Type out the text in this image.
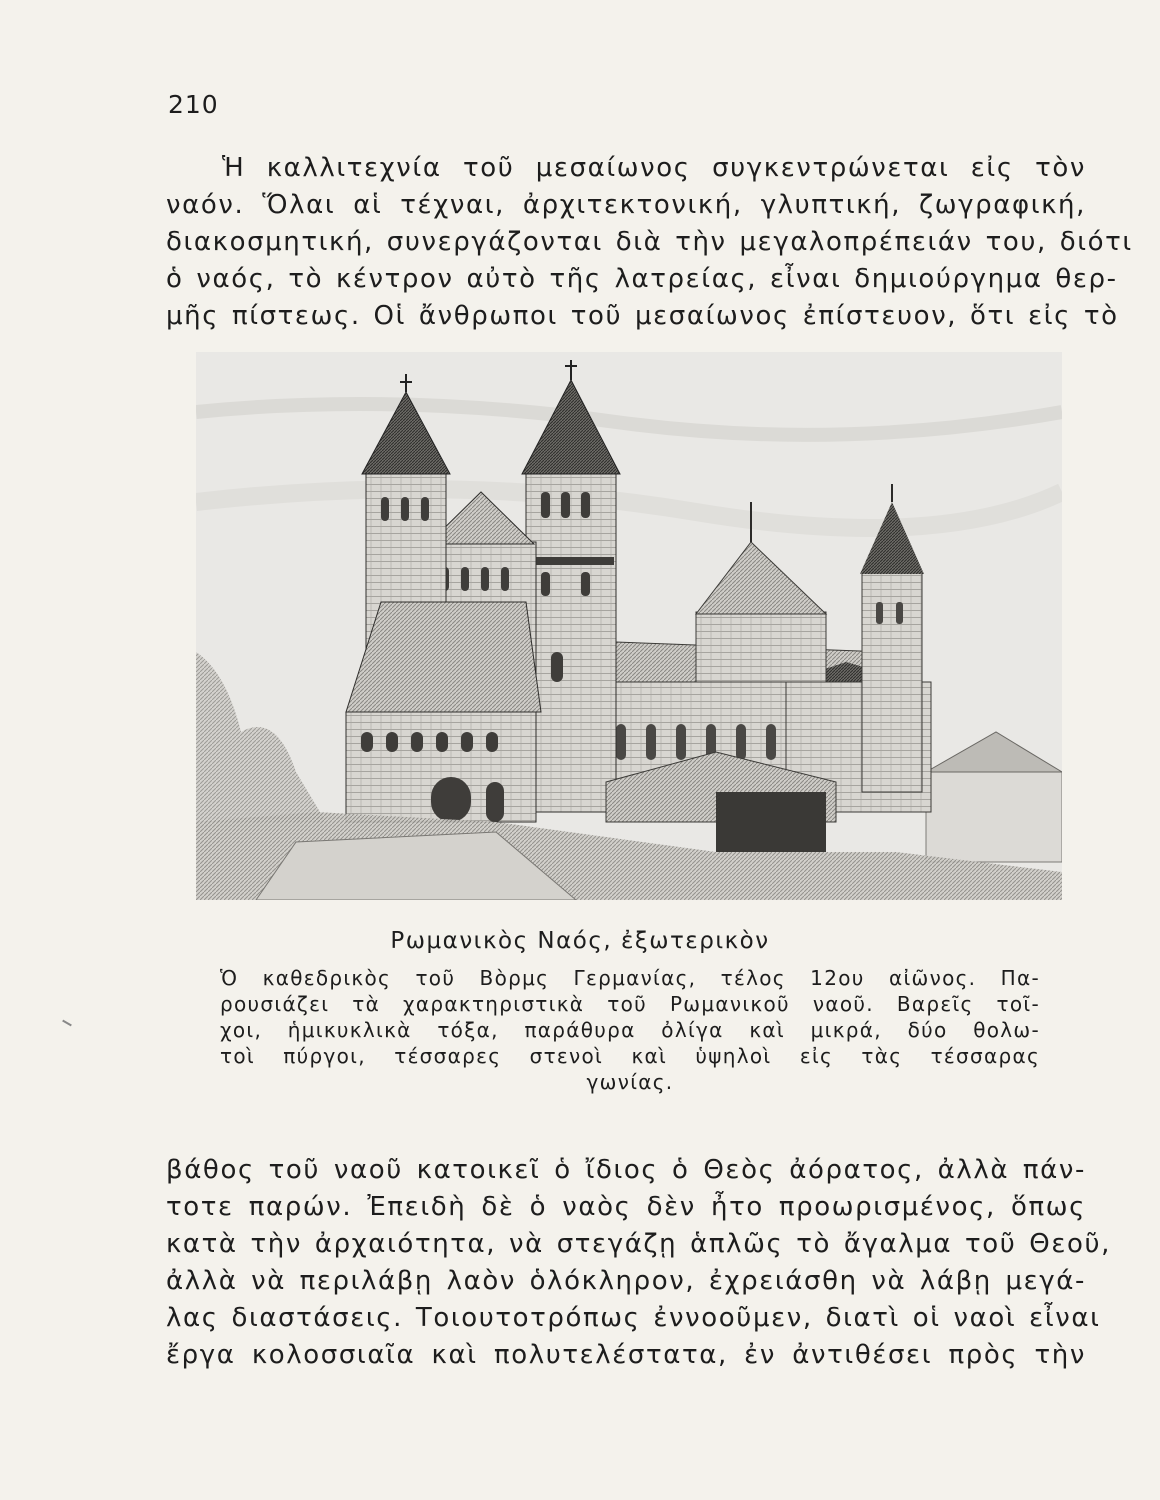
210
Ἡ καλλιτεχνία τοῦ μεσαίωνος συγκεντρώνεται εἰς τὸν
ναόν. Ὅλαι αἱ τέχναι, ἀρχιτεκτονική, γλυπτική, ζωγραφική,
διακοσμητική, συνεργάζονται διὰ τὴν μεγαλοπρέπειάν του, διότι
ὁ ναός, τὸ κέντρον αὐτὸ τῆς λατρείας, εἶναι δημιούργημα θερ-
μῆς πίστεως. Οἱ ἄνθρωποι τοῦ μεσαίωνος ἐπίστευον, ὅτι εἰς τὸ
Ρωμανικὸς Ναός, ἐξωτερικὸν
Ὁ καθεδρικὸς τοῦ Βὸρμς Γερμανίας, τέλος 12ου αἰῶνος. Πα-
ρουσιάζει τὰ χαρακτηριστικὰ τοῦ Ρωμανικοῦ ναοῦ. Βαρεῖς τοῖ-
χοι, ἡμικυκλικὰ τόξα, παράθυρα ὀλίγα καὶ μικρά, δύο θολω-
τοὶ πύργοι, τέσσαρες στενοὶ καὶ ὑψηλοὶ εἰς τὰς τέσσαρας
γωνίας.
βάθος τοῦ ναοῦ κατοικεῖ ὁ ἴδιος ὁ Θεὸς ἀόρατος, ἀλλὰ πάν-
τοτε παρών. Ἐπειδὴ δὲ ὁ ναὸς δὲν ἦτο προωρισμένος, ὅπως
κατὰ τὴν ἀρχαιότητα, νὰ στεγάζῃ ἁπλῶς τὸ ἄγαλμα τοῦ Θεοῦ,
ἀλλὰ νὰ περιλάβῃ λαὸν ὁλόκληρον, ἐχρειάσθη νὰ λάβῃ μεγά-
λας διαστάσεις. Τοιουτοτρόπως ἐννοοῦμεν, διατὶ οἱ ναοὶ εἶναι
ἔργα κολοσσιαῖα καὶ πολυτελέστατα, ἐν ἀντιθέσει πρὸς τὴν
